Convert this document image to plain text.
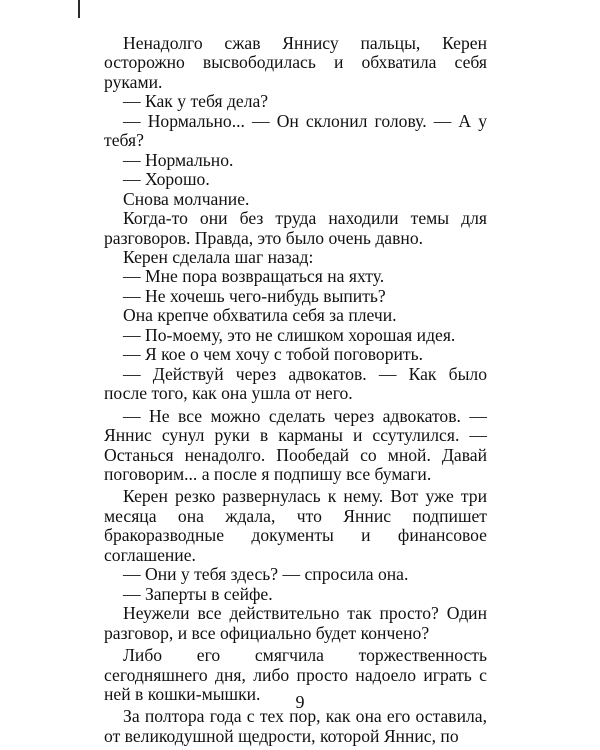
Ненадолго сжав Яннису пальцы, Керен осторожно высвободилась и обхватила себя руками.

— Как у тебя дела?

— Нормально... — Он склонил голову. — А у тебя?

— Нормально.

— Хорошо.

Снова молчание.

Когда-то они без труда находили темы для разговоров. Правда, это было очень давно.

Керен сделала шаг назад:

— Мне пора возвращаться на яхту.

— Не хочешь чего-нибудь выпить?

Она крепче обхватила себя за плечи.

— По-моему, это не слишком хорошая идея.

— Я кое о чем хочу с тобой поговорить.

— Действуй через адвокатов. — Как было после того, как она ушла от него.

— Не все можно сделать через адвокатов. — Яннис сунул руки в карманы и ссутулился. — Останься ненадолго. Пообедай со мной. Давай поговорим... а после я подпишу все бумаги.

Керен резко развернулась к нему. Вот уже три месяца она ждала, что Яннис подпишет бракоразводные документы и финансовое соглашение.

— Они у тебя здесь? — спросила она.

— Заперты в сейфе.

Неужели все действительно так просто? Один разговор, и все официально будет кончено?

Либо его смягчила торжественность сегодняшнего дня, либо просто надоело играть с ней в кошки-мышки.

За полтора года с тех пор, как она его оставила, от великодушной щедрости, которой Яннис, по

9
